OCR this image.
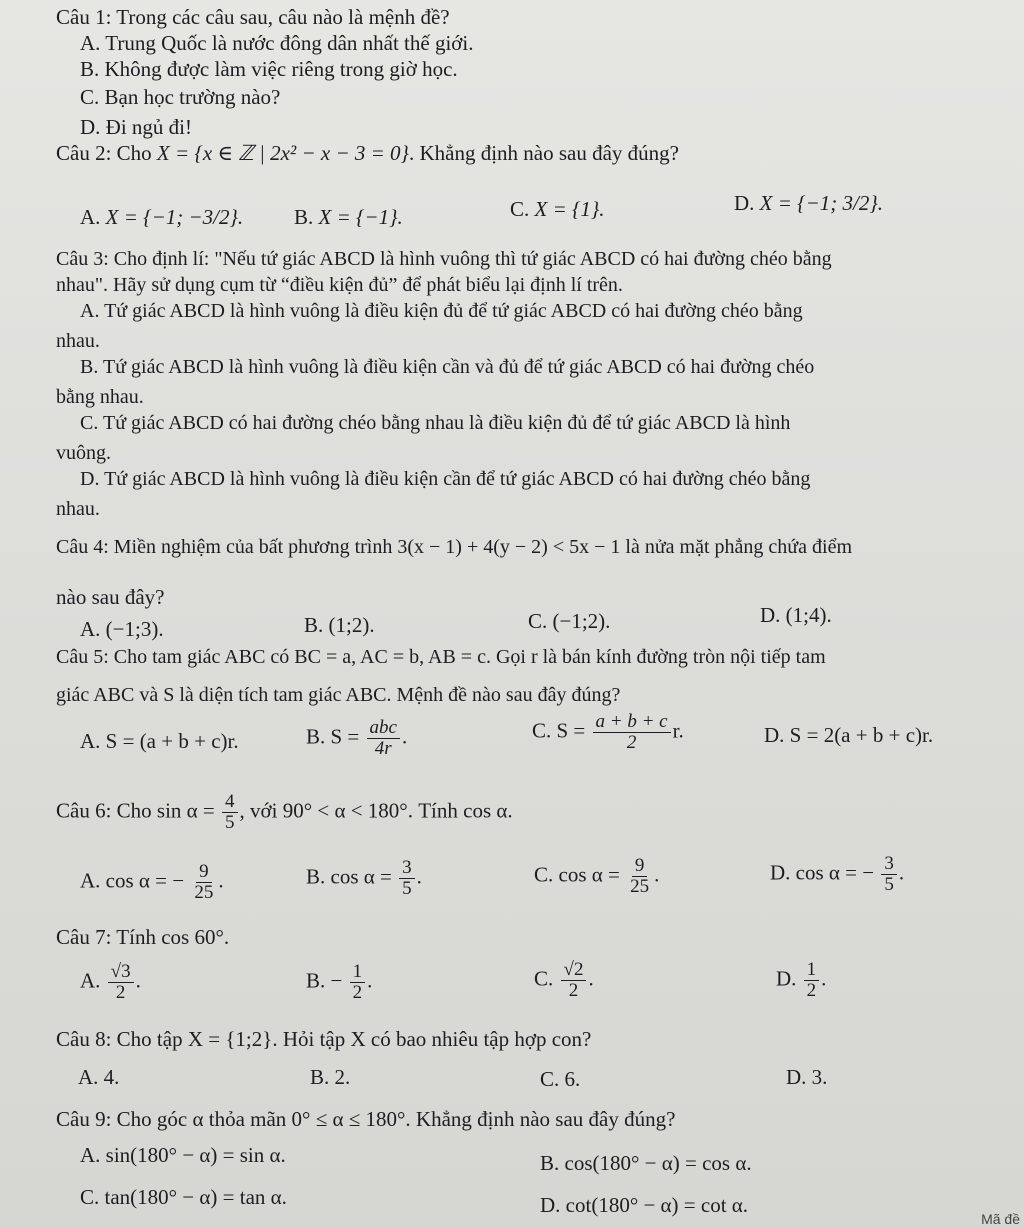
Câu 1: Trong các câu sau, câu nào là mệnh đề?
A. Trung Quốc là nước đông dân nhất thế giới.
B. Không được làm việc riêng trong giờ học.
C. Bạn học trường nào?
D. Đi ngủ đi!
Câu 2: Cho X = {x ∈ ℤ | 2x² − x − 3 = 0}. Khẳng định nào sau đây đúng?
A. X = {−1; −3/2}. B. X = {−1}.	C. X = {1}.	D. X = {−1; 3/2}.
Câu 3: Cho định lí: "Nếu tứ giác ABCD là hình vuông thì tứ giác ABCD có hai đường chéo bằng
nhau". Hãy sử dụng cụm từ “điều kiện đủ” để phát biểu lại định lí trên.
A. Tứ giác ABCD là hình vuông là điều kiện đủ để tứ giác ABCD có hai đường chéo bằng
nhau.
B. Tứ giác ABCD là hình vuông là điều kiện cần và đủ để tứ giác ABCD có hai đường chéo
bằng nhau.
C. Tứ giác ABCD có hai đường chéo bằng nhau là điều kiện đủ để tứ giác ABCD là hình
vuông.
D. Tứ giác ABCD là hình vuông là điều kiện cần để tứ giác ABCD có hai đường chéo bằng
nhau.
Câu 4: Miền nghiệm của bất phương trình 3(x − 1) + 4(y − 2) < 5x − 1 là nửa mặt phẳng chứa điểm
nào sau đây?
A. (−1;3).	B. (1;2).	C. (−1;2).	D. (1;4).
Câu 5: Cho tam giác ABC có BC = a, AC = b, AB = c. Gọi r là bán kính đường tròn nội tiếp tam
giác ABC và S là diện tích tam giác ABC. Mệnh đề nào sau đây đúng?
A. S = (a + b + c)r.	B. $S = \frac{\text{abc}}{4r}$ .	C. $S = \frac{a + b + c}{2} r$.	D. S = 2(a + b + c)r.
Câu 6: Cho $\sin \alpha = \frac{4}{5}$ , với 90° < α < 180°. Tính cos α.
A. cos α = − $\frac{9}{25}$ .	B. $\cos \alpha = \frac{3}{5}$ .	C. $\cos \alpha = \frac{9}{25}$ .	D. cos α = − $\frac{3}{5}$ .
Câu 7: Tính cos 60°.
A. $\frac{√3}{2}$ .	B. − $\frac{1}{2}$ .	C. $\frac{√2}{2}$ .	D. $\frac{1}{2}$ .
Câu 8: Cho tập X = {1;2}. Hỏi tập X có bao nhiêu tập hợp con?
A. 4.	B. 2.	C. 6.	D. 3.
Câu 9: Cho góc α thỏa mãn 0° ≤ α ≤ 180°. Khẳng định nào sau đây đúng?
A. sin(180° − α) = sin α.	B. cos(180° − α) = cos α.
C. tan(180° − α) = tan α.	D. cot(180° − α) = cot α.
Mã đề
